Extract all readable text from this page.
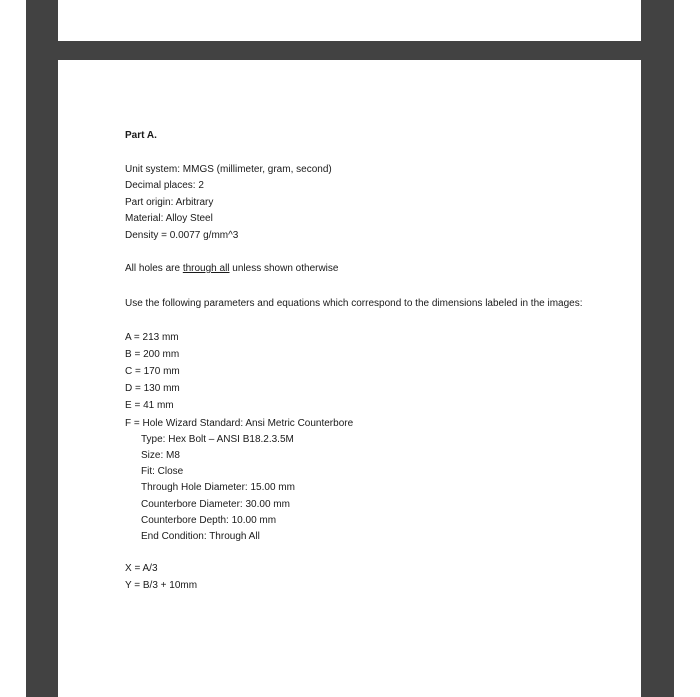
Part A.

Unit system: MMGS (millimeter, gram, second)
Decimal places: 2
Part origin: Arbitrary
Material: Alloy Steel
Density = 0.0077 g/mm^3
All holes are through all unless shown otherwise
Use the following parameters and equations which correspond to the dimensions labeled in the images:
A = 213 mm
B = 200 mm
C = 170 mm
D = 130 mm
E = 41 mm
F = Hole Wizard Standard: Ansi Metric Counterbore
Type: Hex Bolt – ANSI B18.2.3.5M
Size: M8
Fit: Close
Through Hole Diameter: 15.00 mm
Counterbore Diameter: 30.00 mm
Counterbore Depth: 10.00 mm
End Condition: Through All
X = A/3
Y = B/3 + 10mm
